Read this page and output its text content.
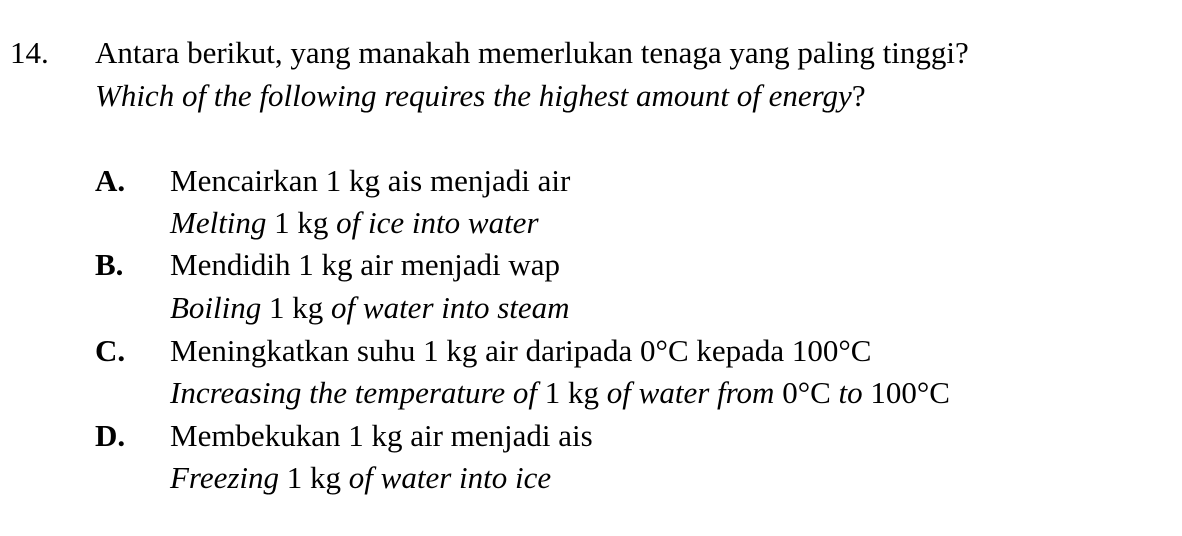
14. Antara berikut, yang manakah memerlukan tenaga yang paling tinggi?
Which of the following requires the highest amount of energy?
A. Mencairkan 1 kg ais menjadi air
Melting 1 kg of ice into water
B. Mendidih 1 kg air menjadi wap
Boiling 1 kg of water into steam
C. Meningkatkan suhu 1 kg air daripada 0°C kepada 100°C
Increasing the temperature of 1 kg of water from 0°C to 100°C
D. Membekukan 1 kg air menjadi ais
Freezing 1 kg of water into ice
